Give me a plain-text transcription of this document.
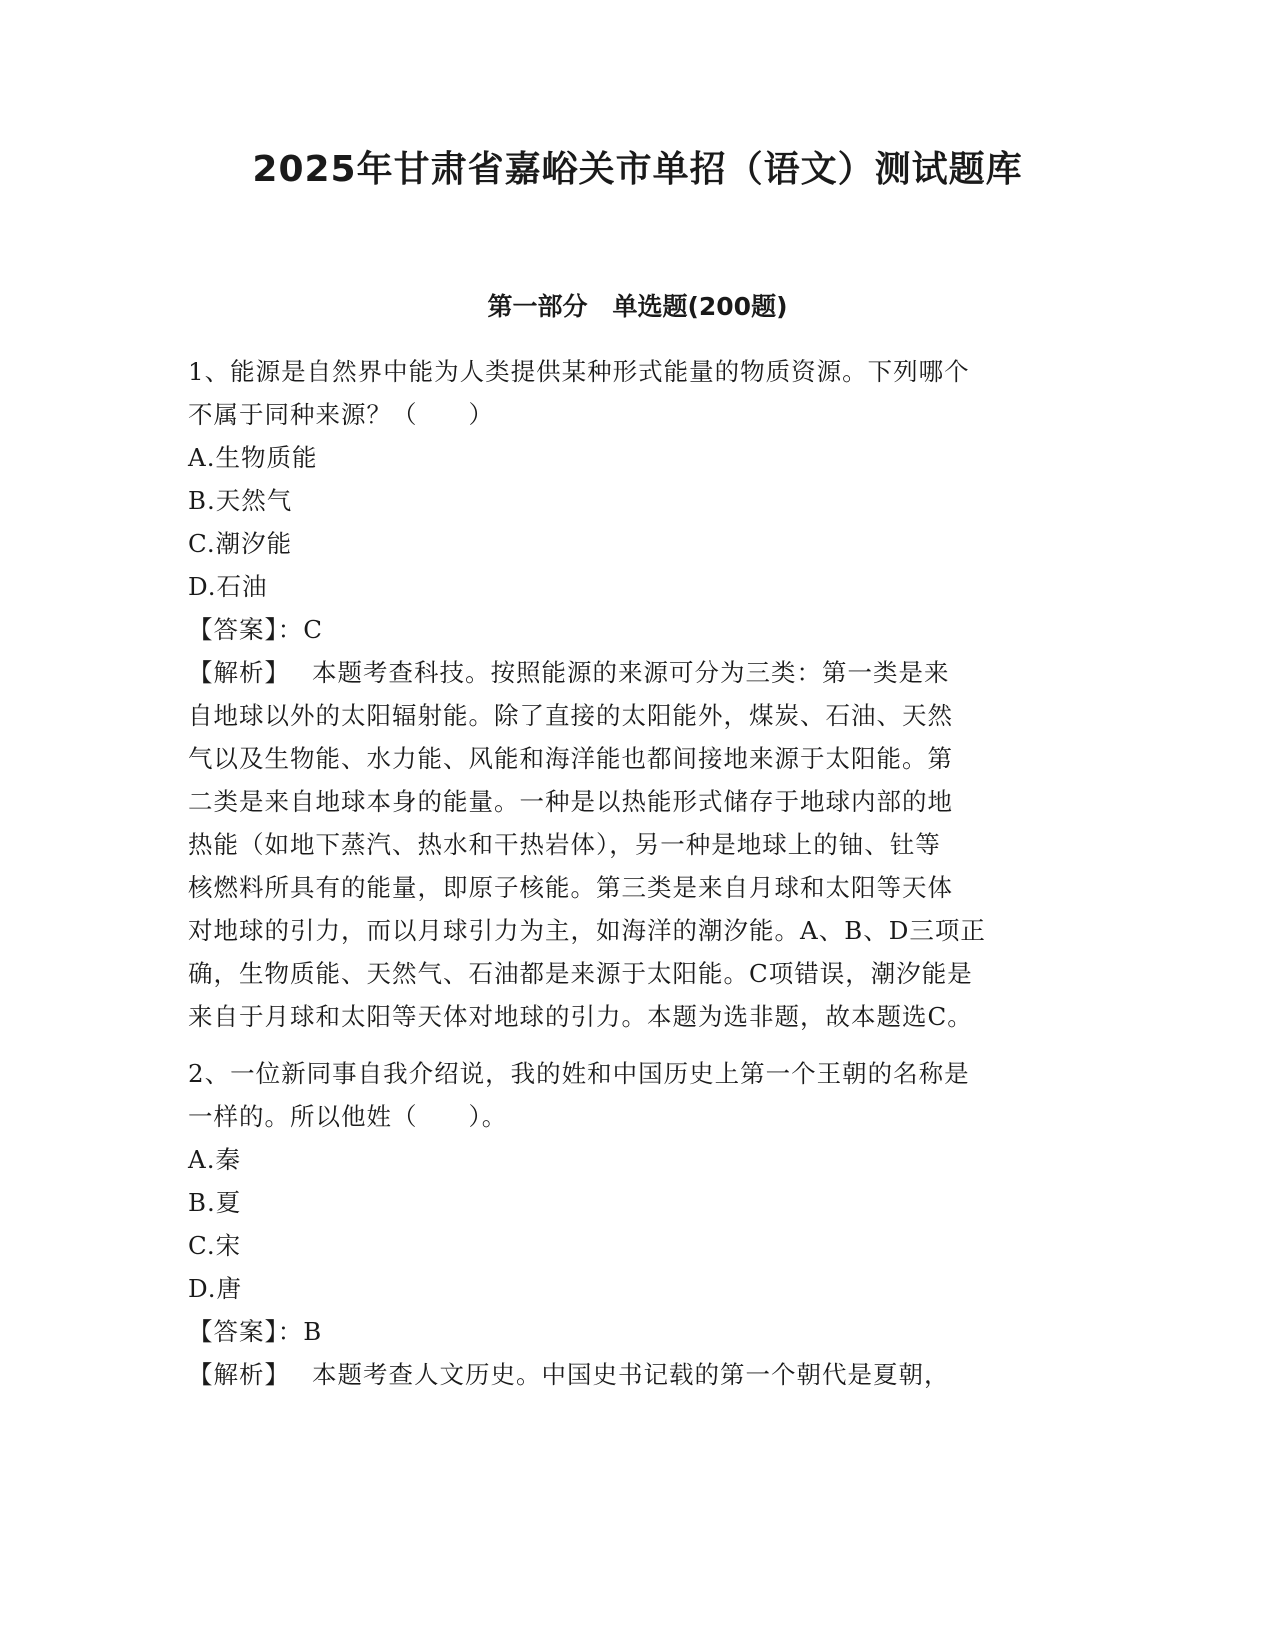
2025年甘肃省嘉峪关市单招（语文）测试题库
第一部分　单选题(200题)
1、能源是自然界中能为人类提供某种形式能量的物质资源。下列哪个
不属于同种来源？（　　）
A.生物质能
B.天然气
C.潮汐能
D.石油
【答案】：C
【解析】　 本题考查科技。按照能源的来源可分为三类：第一类是来
自地球以外的太阳辐射能。除了直接的太阳能外，煤炭、石油、天然
气以及生物能、水力能、风能和海洋能也都间接地来源于太阳能。第
二类是来自地球本身的能量。一种是以热能形式储存于地球内部的地
热能（如地下蒸汽、热水和干热岩体），另一种是地球上的铀、钍等
核燃料所具有的能量，即原子核能。第三类是来自月球和太阳等天体
对地球的引力，而以月球引力为主，如海洋的潮汐能。A、B、D三项正
确，生物质能、天然气、石油都是来源于太阳能。C项错误，潮汐能是
来自于月球和太阳等天体对地球的引力。本题为选非题，故本题选C。
2、一位新同事自我介绍说，我的姓和中国历史上第一个王朝的名称是
一样的。所以他姓（　　）。
A.秦
B.夏
C.宋
D.唐
【答案】：B
【解析】　 本题考查人文历史。中国史书记载的第一个朝代是夏朝，
